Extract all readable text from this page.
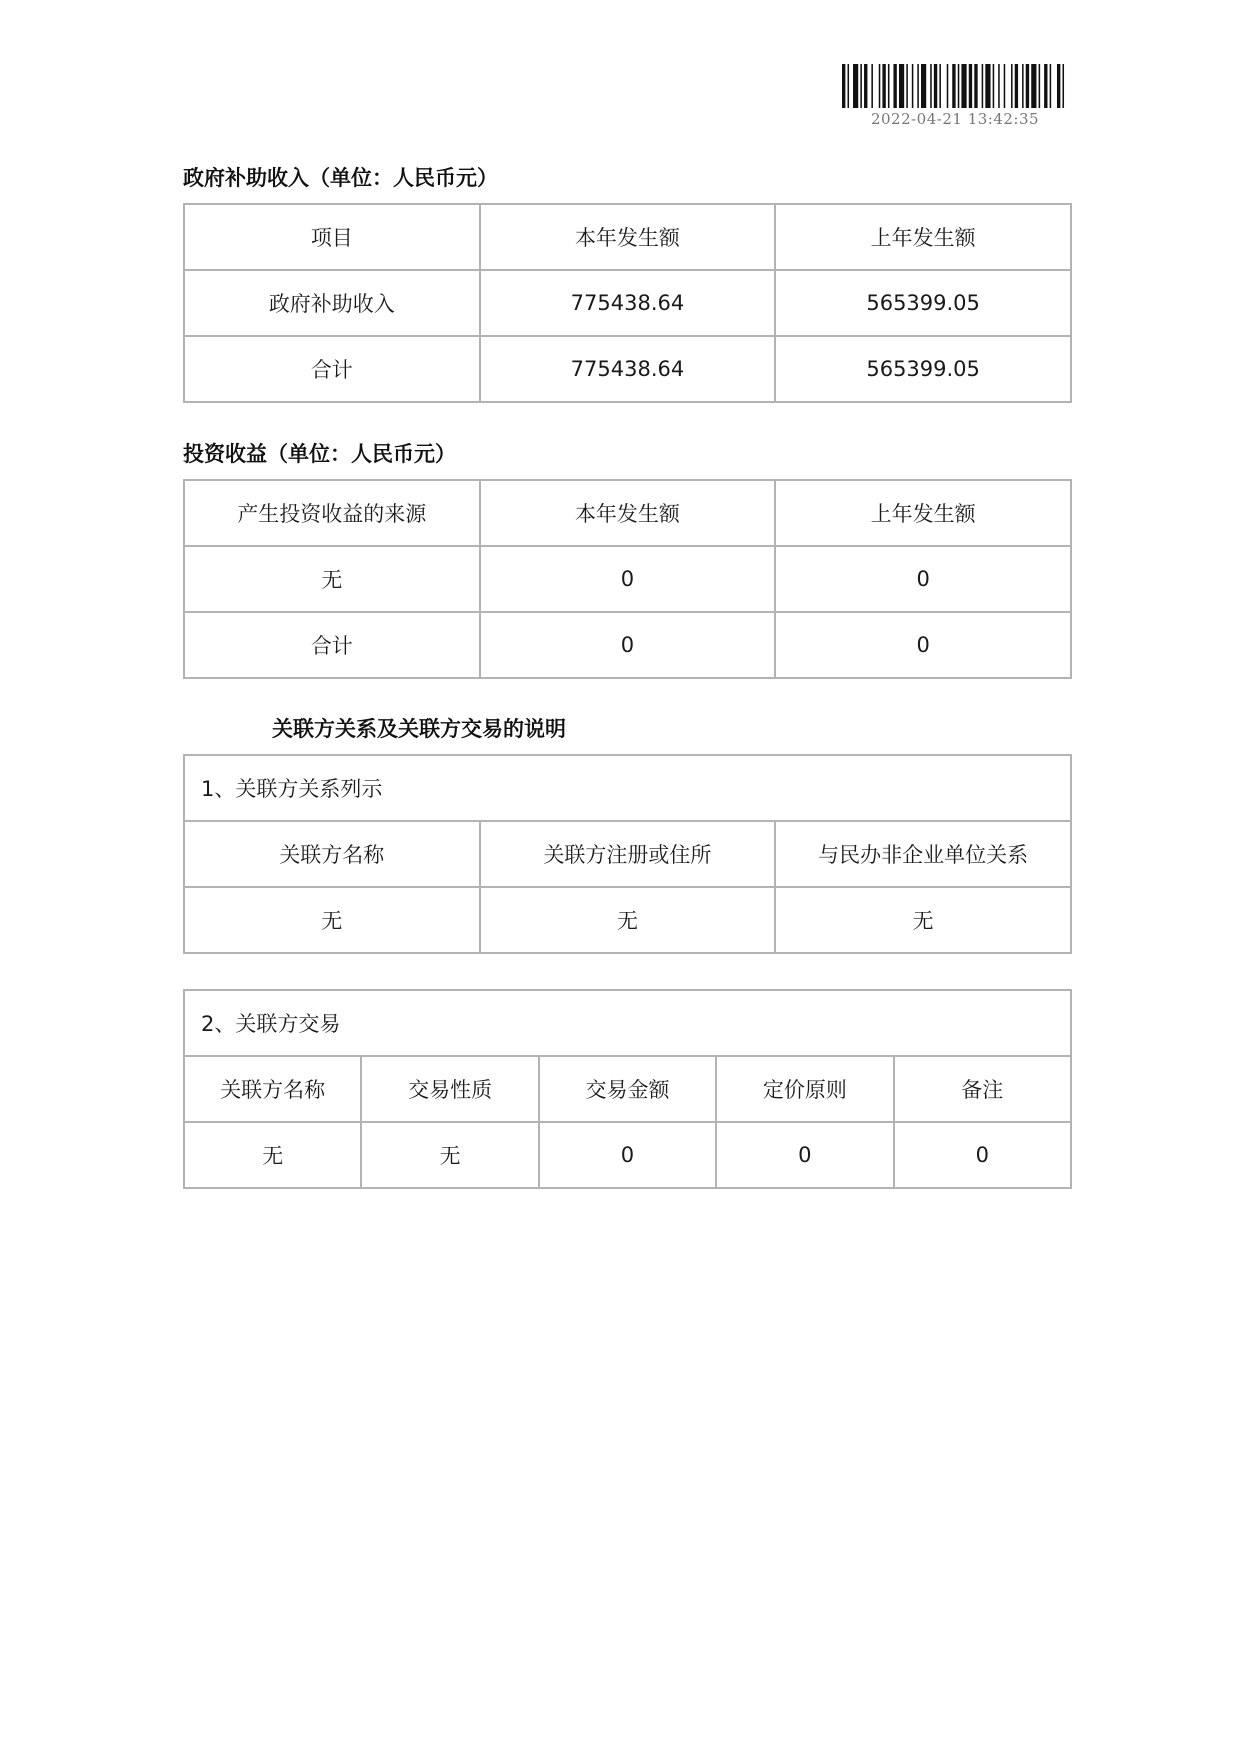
2022-04-21 13:42:35
政府补助收入（单位：人民币元）
项目	本年发生额	上年发生额
政府补助收入	775438.64	565399.05
合计	775438.64	565399.05
投资收益（单位：人民币元）
产生投资收益的来源	本年发生额	上年发生额
无	0	0
合计	0	0
关联方关系及关联方交易的说明
1、关联方关系列示		
关联方名称	关联方注册或住所	与民办非企业单位关系
无	无	无
2、关联方交易				
关联方名称	交易性质	交易金额	定价原则	备注
无	无	0	0	0
